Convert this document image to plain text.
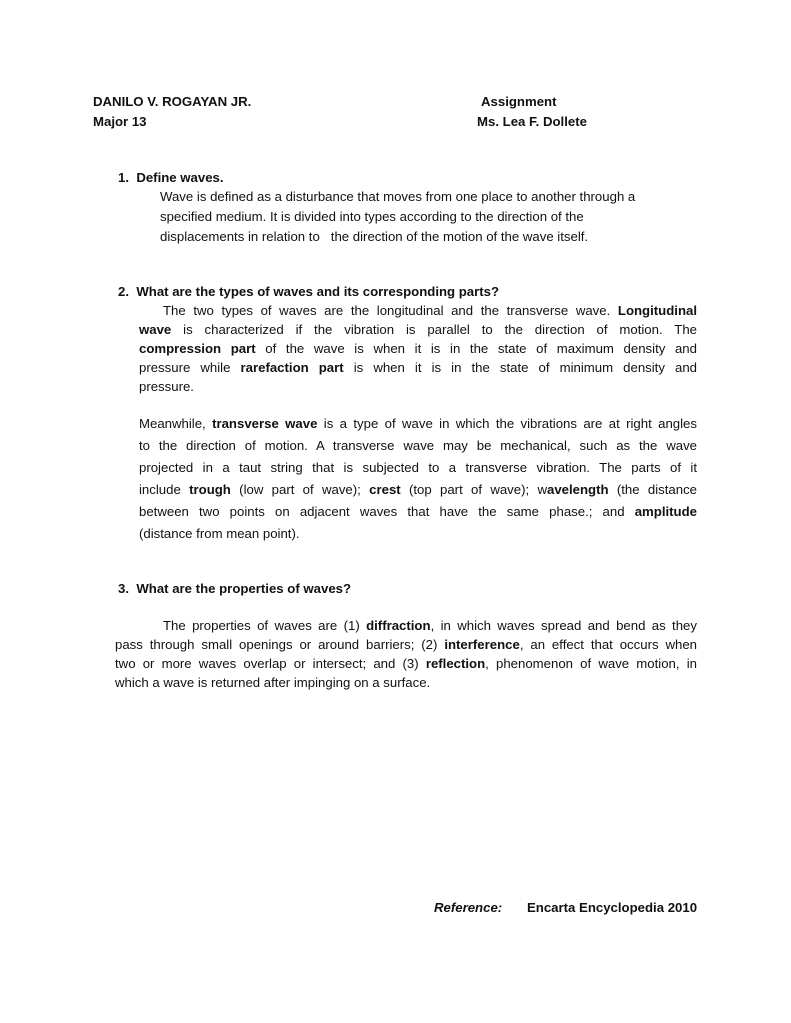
DANILO V. ROGAYAN JR.
Major 13
Assignment
Ms. Lea F. Dollete
1.  Define waves.
Wave is defined as a disturbance that moves from one place to another through a
specified medium. It is divided into types according to the direction of the
displacements in relation to   the direction of the motion of the wave itself.
2.  What are the types of waves and its corresponding parts?
The two types of waves are the longitudinal and the transverse wave. Longitudinal
wave is characterized if the vibration is parallel to the direction of motion. The
compression part of the wave is when it is in the state of maximum density and
pressure while rarefaction part is when it is in the state of minimum density and
pressure.
Meanwhile, transverse wave is a type of wave in which the vibrations are at right angles
to the direction of motion. A transverse wave may be mechanical, such as the wave
projected in a taut string that is subjected to a transverse vibration. The parts of it
include trough (low part of wave); crest (top part of wave); wavelength (the distance
between two points on adjacent waves that have the same phase.; and amplitude
(distance from mean point).
3.  What are the properties of waves?
The properties of waves are (1) diffraction, in which waves spread and bend as they
pass through small openings or around barriers; (2) interference, an effect that occurs when
two or more waves overlap or intersect; and (3) reflection, phenomenon of wave motion, in
which a wave is returned after impinging on a surface.
Reference: Encarta Encyclopedia 2010
